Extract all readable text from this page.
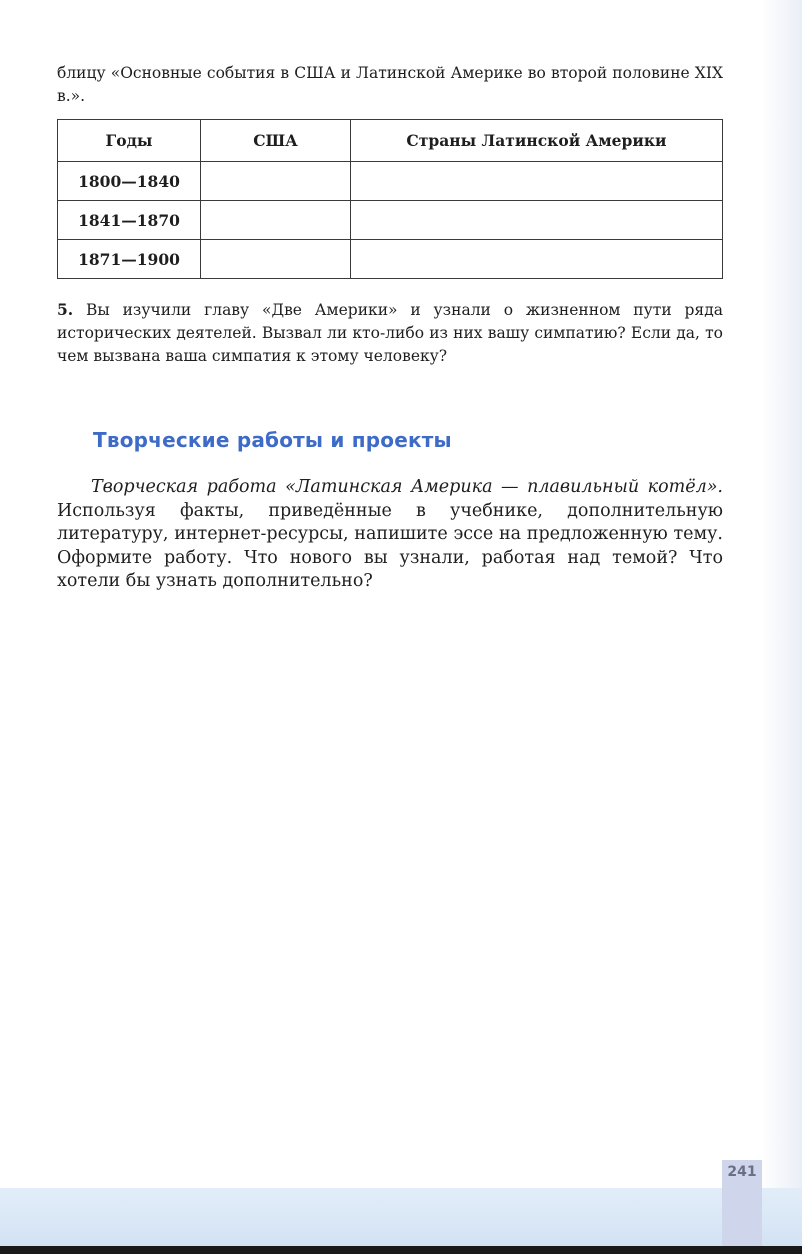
блицу «Основные события в США и Латинской Америке во второй половине XIX в.».

Годы	США	Страны Латинской Америки
1800—1840		
1841—1870		
1871—1900		

5. Вы изучили главу «Две Америки» и узнали о жизненном пути ряда исторических деятелей. Вызвал ли кто-либо из них вашу симпатию? Если да, то чем вызвана ваша симпатия к этому человеку?

Творческие работы и проекты

Творческая работа «Латинская Америка — плавильный котёл». Используя факты, приведённые в учебнике, дополнительную литературу, интернет-ресурсы, напишите эссе на предложенную тему. Оформите работу. Что нового вы узнали, работая над темой? Что хотели бы узнать дополнительно?

241
